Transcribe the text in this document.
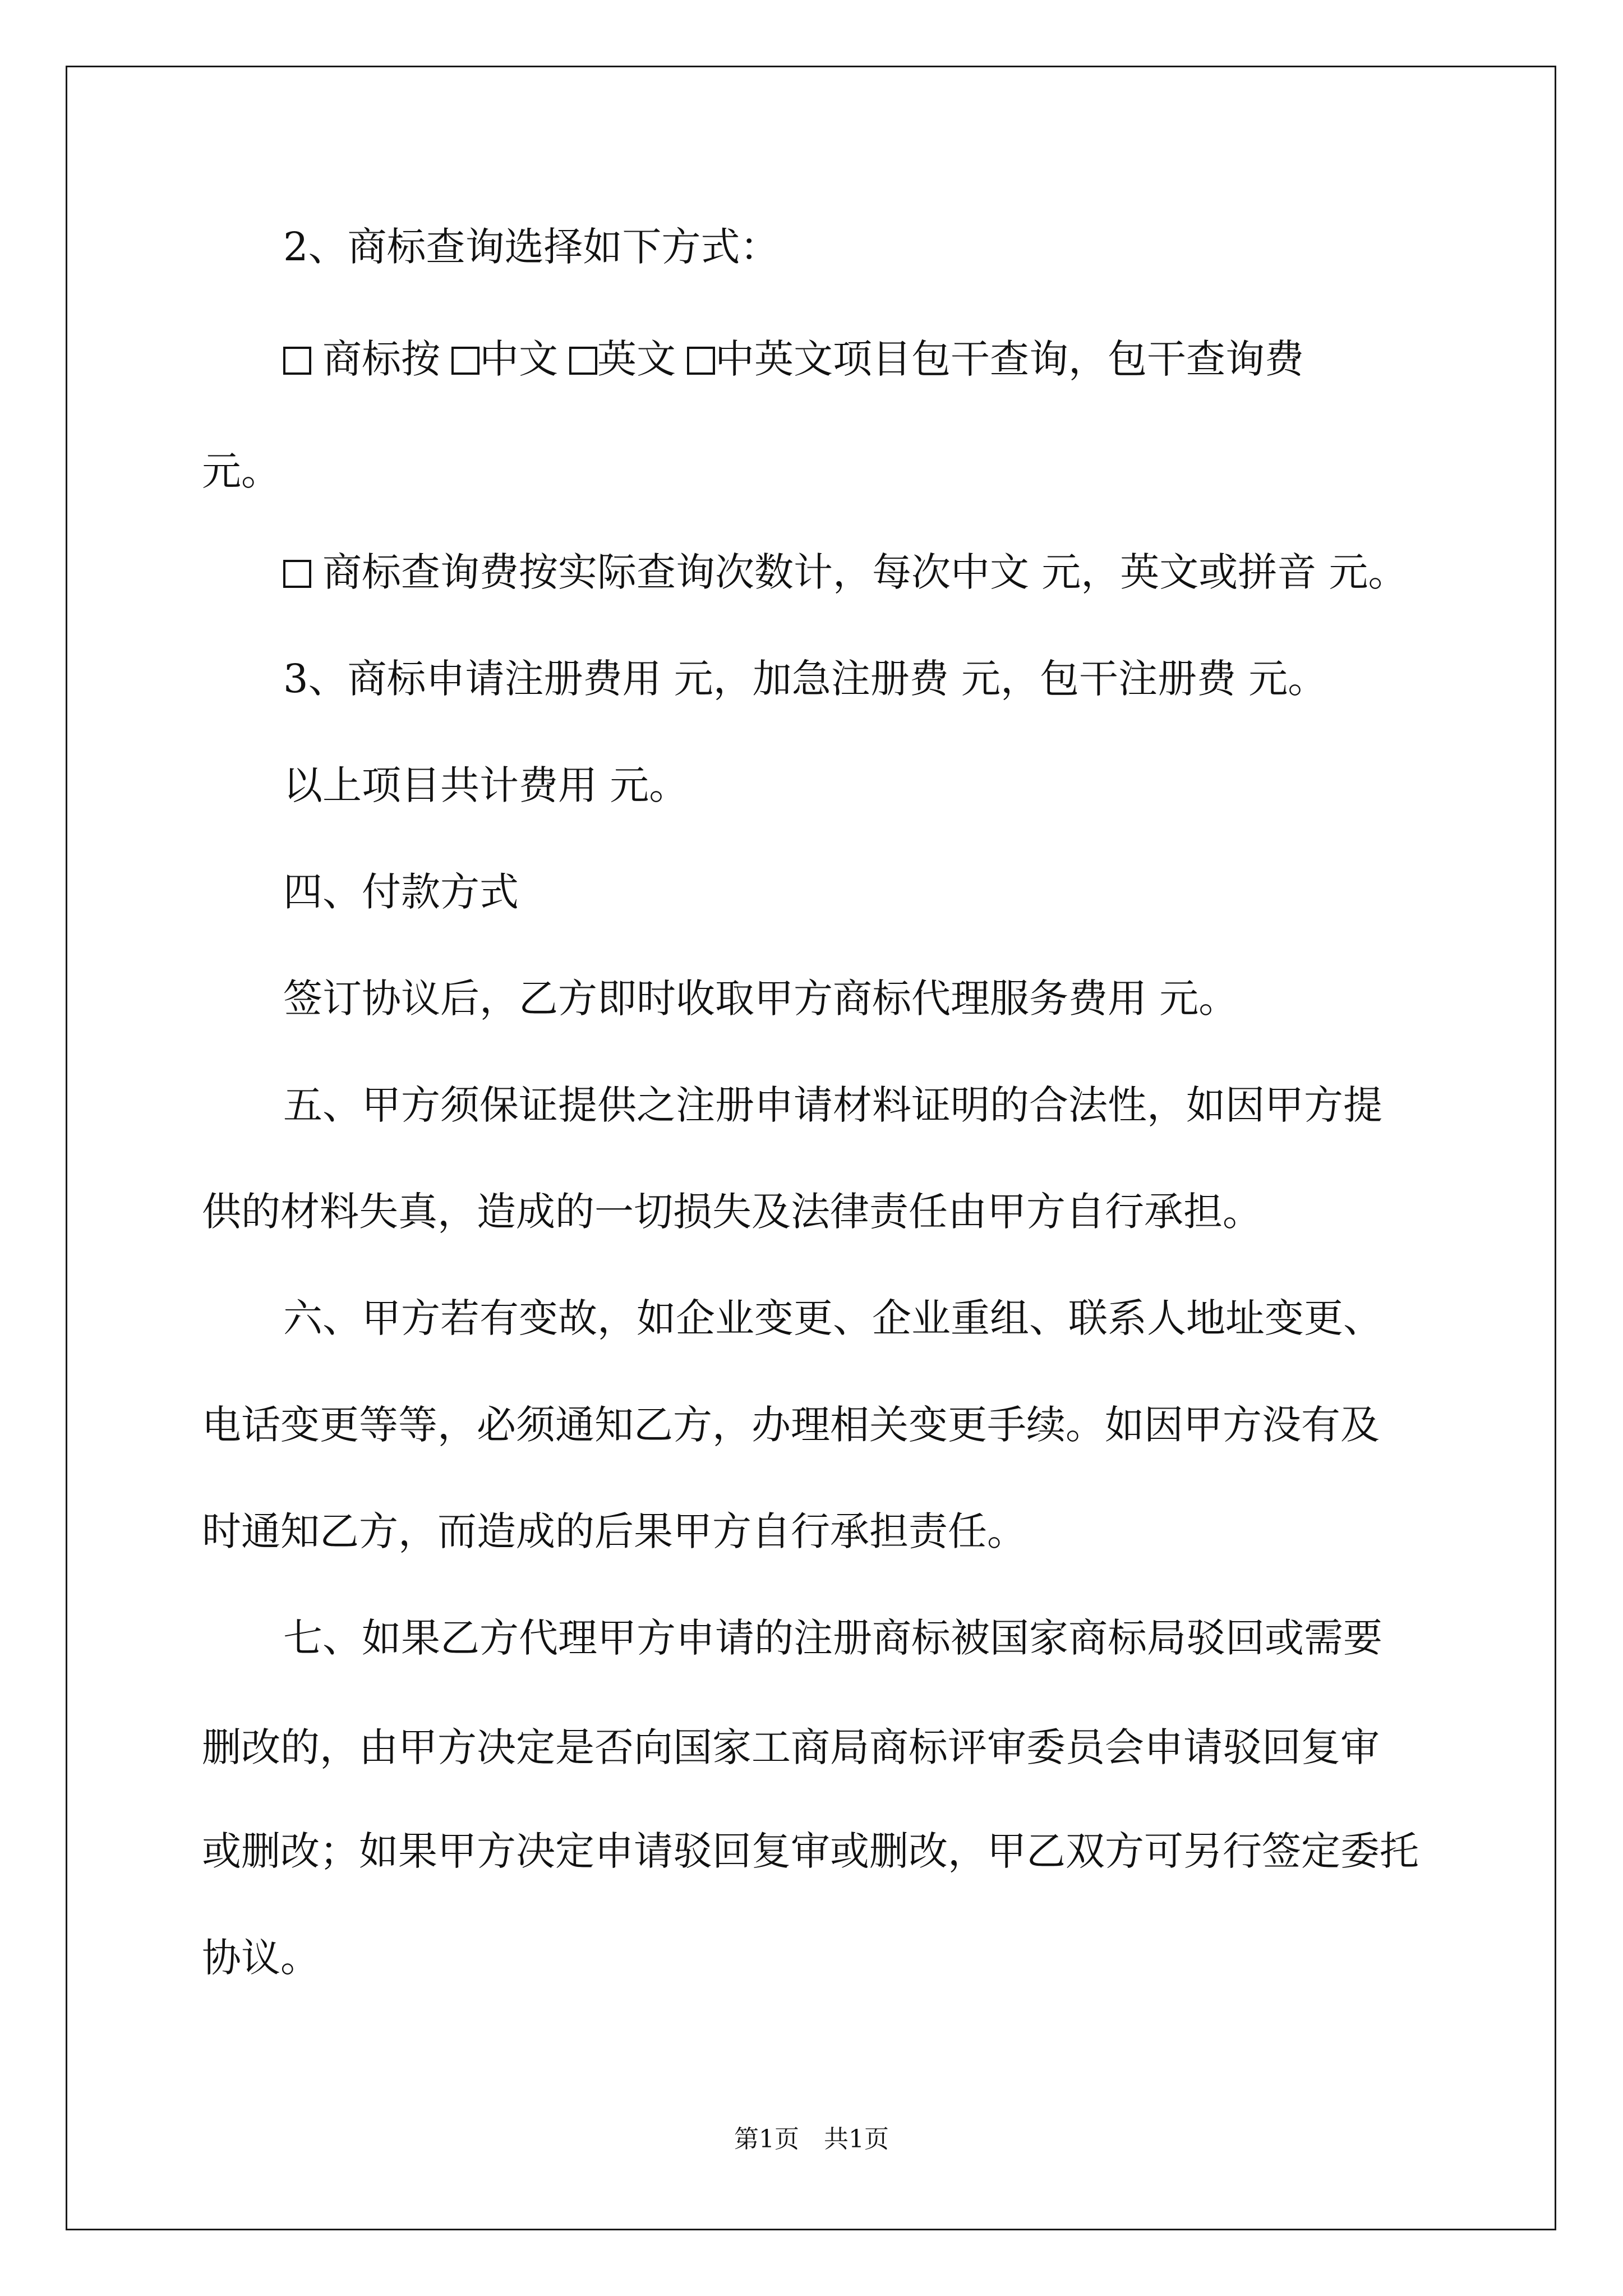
2、商标查询选择如下方式：
商标按 中文 英文 中英文项目包干查询，包干查询费
元。
商标查询费按实际查询次数计，每次中文 元，英文或拼音 元。
3、商标申请注册费用 元，加急注册费 元，包干注册费 元。
以上项目共计费用 元。
四、付款方式
签订协议后，乙方即时收取甲方商标代理服务费用 元。
五、甲方须保证提供之注册申请材料证明的合法性，如因甲方提
供的材料失真，造成的一切损失及法律责任由甲方自行承担。
六、甲方若有变故，如企业变更、企业重组、联系人地址变更、
电话变更等等，必须通知乙方，办理相关变更手续。如因甲方没有及
时通知乙方，而造成的后果甲方自行承担责任。
七、如果乙方代理甲方申请的注册商标被国家商标局驳回或需要
删改的，由甲方决定是否向国家工商局商标评审委员会申请驳回复审
或删改；如果甲方决定申请驳回复审或删改，甲乙双方可另行签定委托
协议。
第1页 共1页
